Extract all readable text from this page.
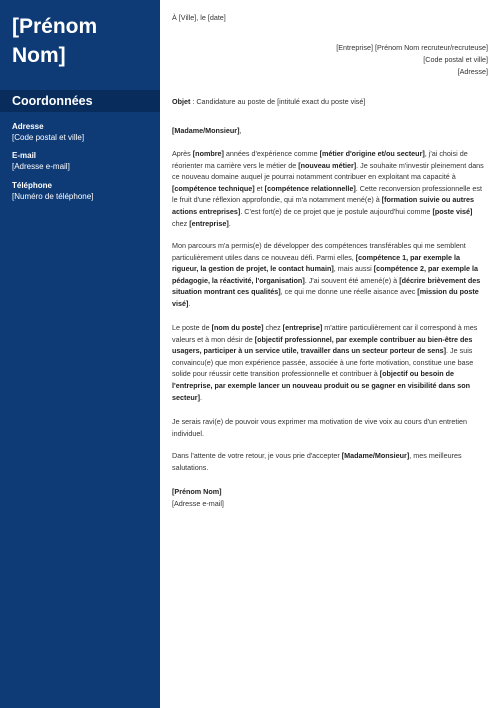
[Prénom
Nom]
Coordonnées
Adresse
[Code postal et ville]
E-mail
[Adresse e-mail]
Téléphone
[Numéro de téléphone]

À [Ville], le [date]

[Entreprise] [Prénom Nom recruteur/recruteuse]

[Code postal et ville]

[Adresse]

Objet : Candidature au poste de [intitulé exact du poste visé]

[Madame/Monsieur],

Après [nombre] années d'expérience comme [métier d'origine et/ou secteur], j'ai choisi de réorienter ma carrière vers le métier de [nouveau métier]. Je souhaite m'investir pleinement dans ce nouveau domaine auquel je pourrai notamment contribuer en exploitant ma capacité à [compétence technique] et [compétence relationnelle]. Cette reconversion professionnelle est le fruit d'une réflexion approfondie, qui m'a notamment mené(e) à [formation suivie ou autres actions entreprises]. C'est fort(e) de ce projet que je postule aujourd'hui comme [poste visé] chez [entreprise].

Mon parcours m'a permis(e) de développer des compétences transférables qui me semblent particulièrement utiles dans ce nouveau défi. Parmi elles, [compétence 1, par exemple la rigueur, la gestion de projet, le contact humain], mais aussi [compétence 2, par exemple la pédagogie, la réactivité, l'organisation]. J'ai souvent été amené(e) à [décrire brièvement des situation montrant ces qualités], ce qui me donne une réelle aisance avec [mission du poste visé].

Le poste de [nom du poste] chez [entreprise] m'attire particulièrement car il correspond à mes valeurs et à mon désir de [objectif professionnel, par exemple contribuer au bien-être des usagers, participer à un service utile, travailler dans un secteur porteur de sens]. Je suis convaincu(e) que mon expérience passée, associée à une forte motivation, constitue une base solide pour réussir cette transition professionnelle et contribuer à [objectif ou besoin de l'entreprise, par exemple lancer un nouveau produit ou se gagner en visibilité dans son secteur].

Je serais ravi(e) de pouvoir vous exprimer ma motivation de vive voix au cours d'un entretien individuel.

Dans l'attente de votre retour, je vous prie d'accepter [Madame/Monsieur], mes meilleures salutations.

[Prénom Nom]

[Adresse e-mail]
